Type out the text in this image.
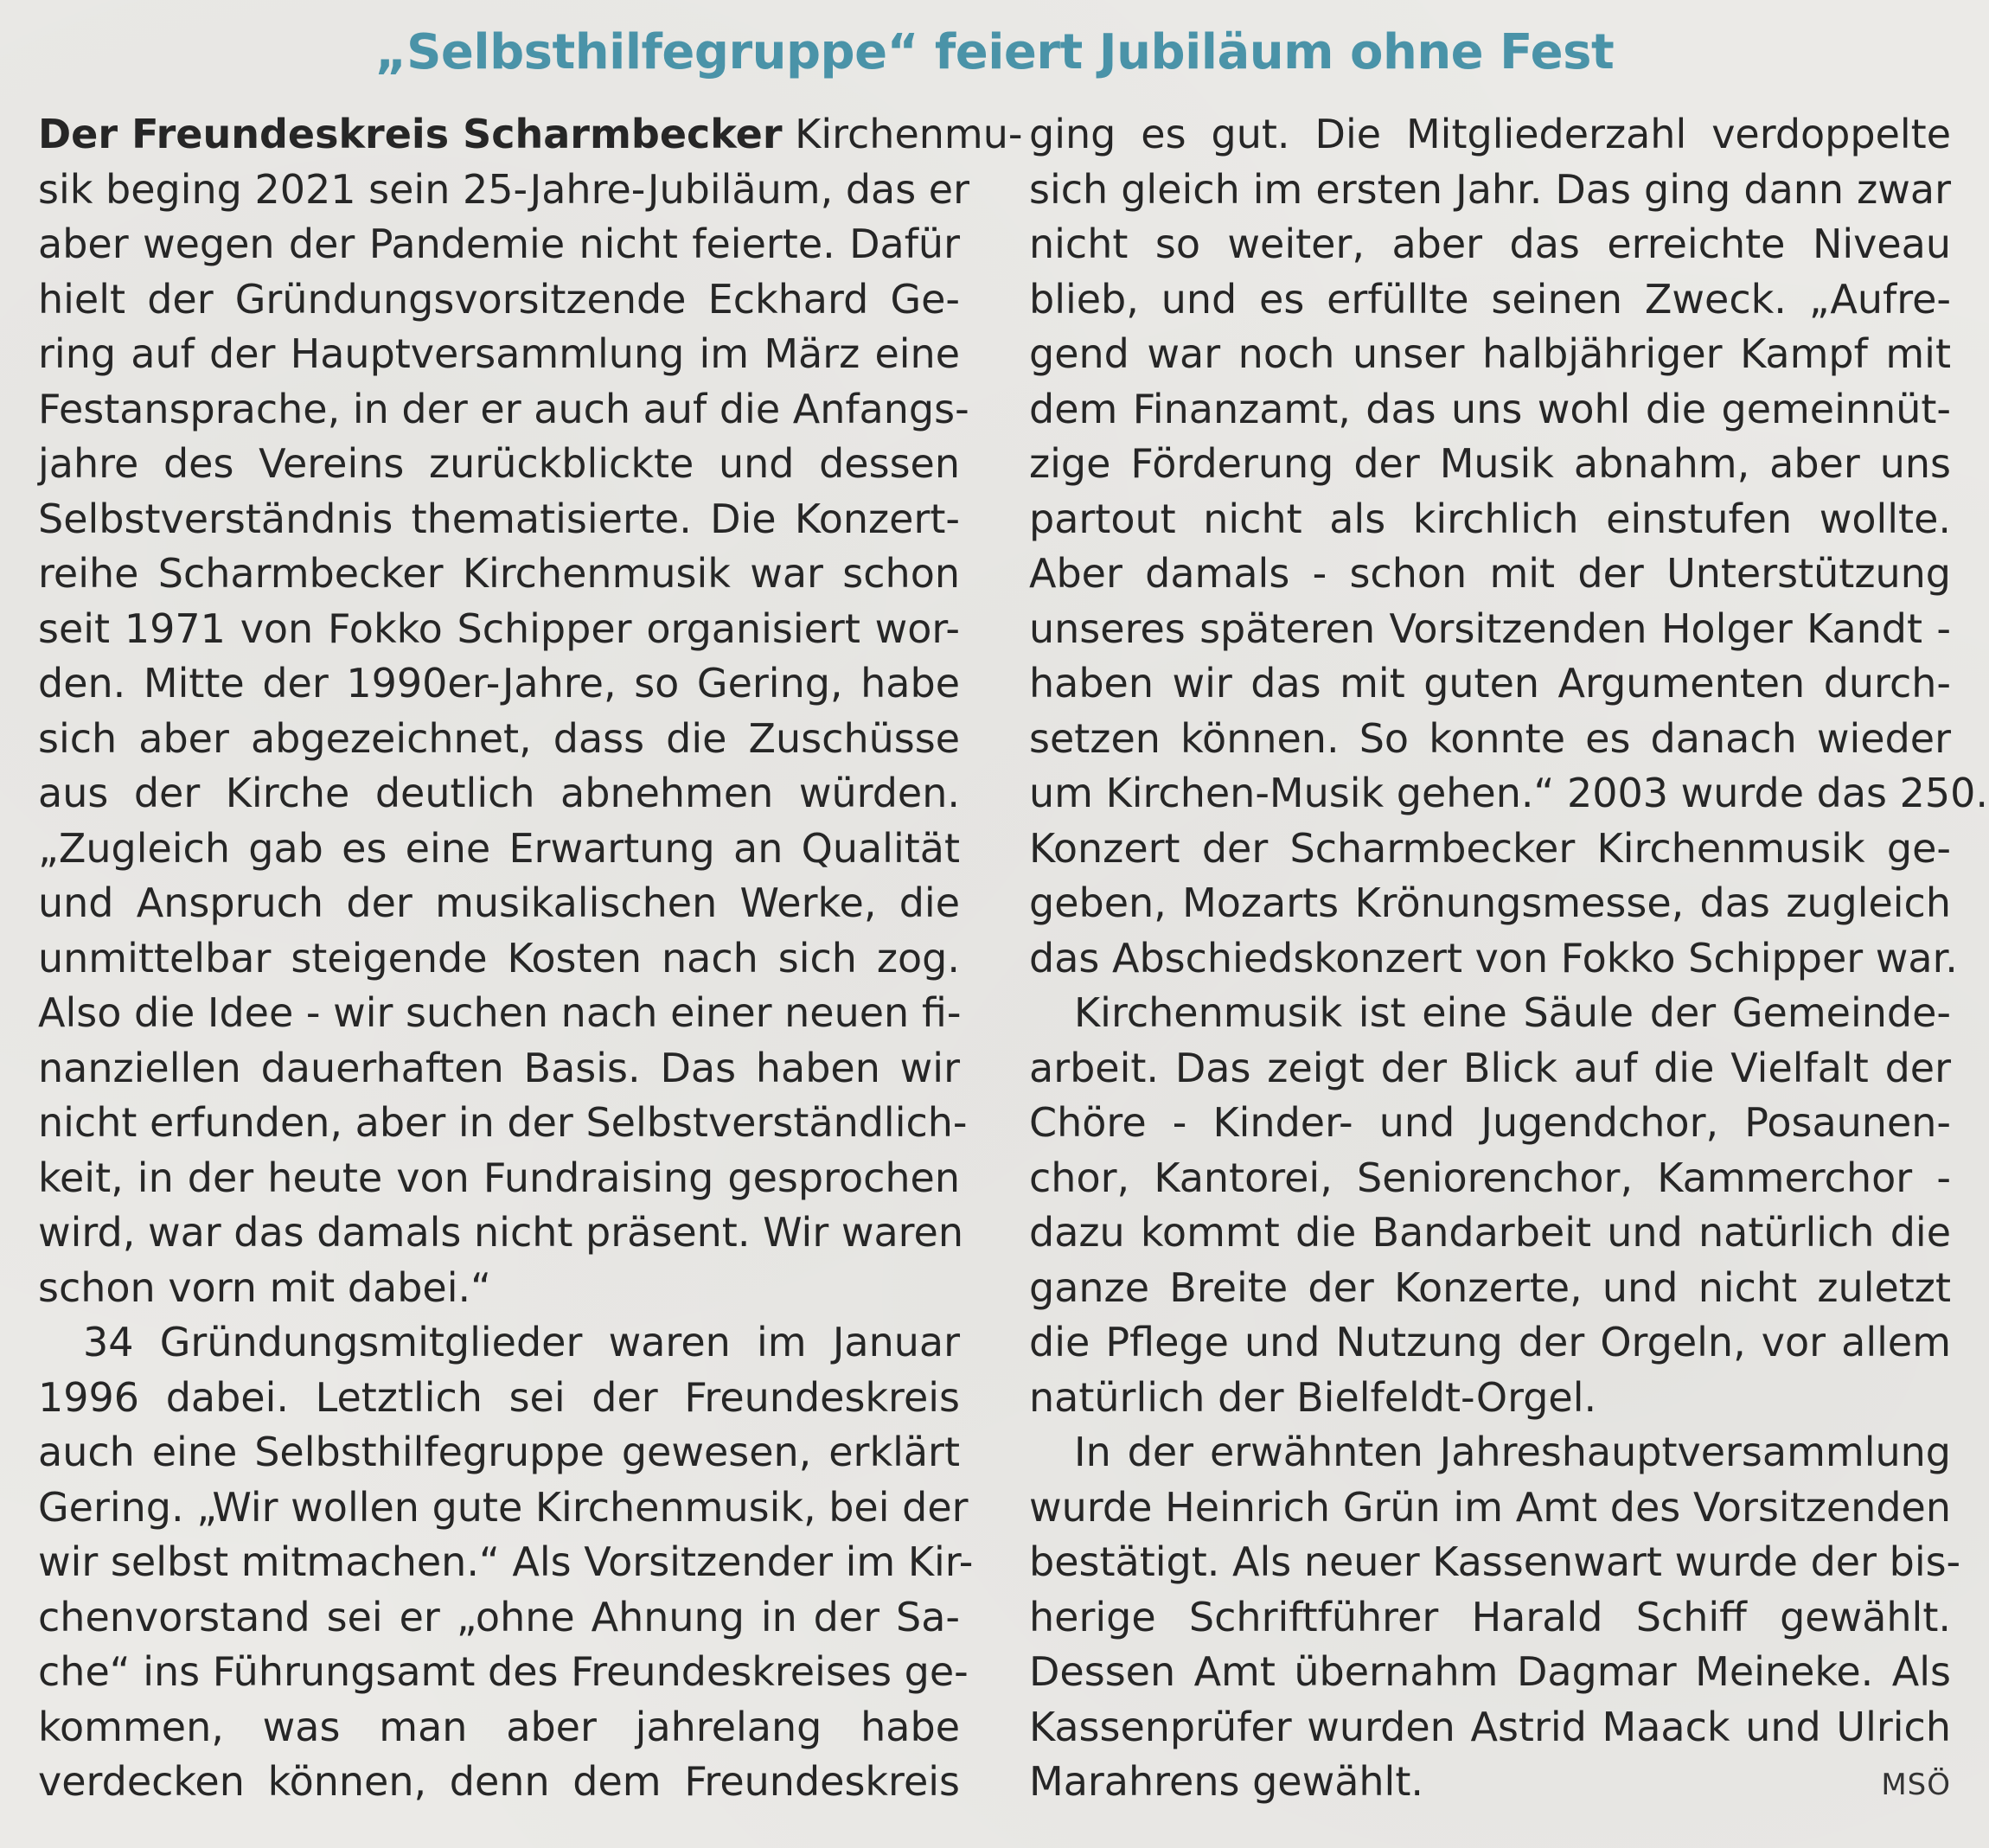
„Selbsthilfegruppe“ feiert Jubiläum ohne Fest
Der Freundeskreis Scharmbecker Kirchenmu-
sik beging 2021 sein 25-Jahre-Jubiläum, das er
aber wegen der Pandemie nicht feierte. Dafür
hielt der Gründungsvorsitzende Eckhard Ge-
ring auf der Hauptversammlung im März eine
Festansprache, in der er auch auf die Anfangs-
jahre des Vereins zurückblickte und dessen
Selbstverständnis thematisierte. Die Konzert-
reihe Scharmbecker Kirchenmusik war schon
seit 1971 von Fokko Schipper organisiert wor-
den. Mitte der 1990er-Jahre, so Gering, habe
sich aber abgezeichnet, dass die Zuschüsse
aus der Kirche deutlich abnehmen würden.
„Zugleich gab es eine Erwartung an Qualität
und Anspruch der musikalischen Werke, die
unmittelbar steigende Kosten nach sich zog.
Also die Idee - wir suchen nach einer neuen fi-
nanziellen dauerhaften Basis. Das haben wir
nicht erfunden, aber in der Selbstverständlich-
keit, in der heute von Fundraising gesprochen
wird, war das damals nicht präsent. Wir waren
schon vorn mit dabei.“
34 Gründungsmitglieder waren im Januar
1996 dabei. Letztlich sei der Freundeskreis
auch eine Selbsthilfegruppe gewesen, erklärt
Gering. „Wir wollen gute Kirchenmusik, bei der
wir selbst mitmachen.“ Als Vorsitzender im Kir-
chenvorstand sei er „ohne Ahnung in der Sa-
che“ ins Führungsamt des Freundeskreises ge-
kommen, was man aber jahrelang habe
verdecken können, denn dem Freundeskreis
ging es gut. Die Mitgliederzahl verdoppelte
sich gleich im ersten Jahr. Das ging dann zwar
nicht so weiter, aber das erreichte Niveau
blieb, und es erfüllte seinen Zweck. „Aufre-
gend war noch unser halbjähriger Kampf mit
dem Finanzamt, das uns wohl die gemeinnüt-
zige Förderung der Musik abnahm, aber uns
partout nicht als kirchlich einstufen wollte.
Aber damals - schon mit der Unterstützung
unseres späteren Vorsitzenden Holger Kandt -
haben wir das mit guten Argumenten durch-
setzen können. So konnte es danach wieder
um Kirchen-Musik gehen.“ 2003 wurde das 250.
Konzert der Scharmbecker Kirchenmusik ge-
geben, Mozarts Krönungsmesse, das zugleich
das Abschiedskonzert von Fokko Schipper war.
Kirchenmusik ist eine Säule der Gemeinde-
arbeit. Das zeigt der Blick auf die Vielfalt der
Chöre - Kinder- und Jugendchor, Posaunen-
chor, Kantorei, Seniorenchor, Kammerchor -
dazu kommt die Bandarbeit und natürlich die
ganze Breite der Konzerte, und nicht zuletzt
die Pflege und Nutzung der Orgeln, vor allem
natürlich der Bielfeldt-Orgel.
In der erwähnten Jahreshauptversammlung
wurde Heinrich Grün im Amt des Vorsitzenden
bestätigt. Als neuer Kassenwart wurde der bis-
herige Schriftführer Harald Schiff gewählt.
Dessen Amt übernahm Dagmar Meineke. Als
Kassenprüfer wurden Astrid Maack und Ulrich
Marahrens gewählt.	MSÖ
